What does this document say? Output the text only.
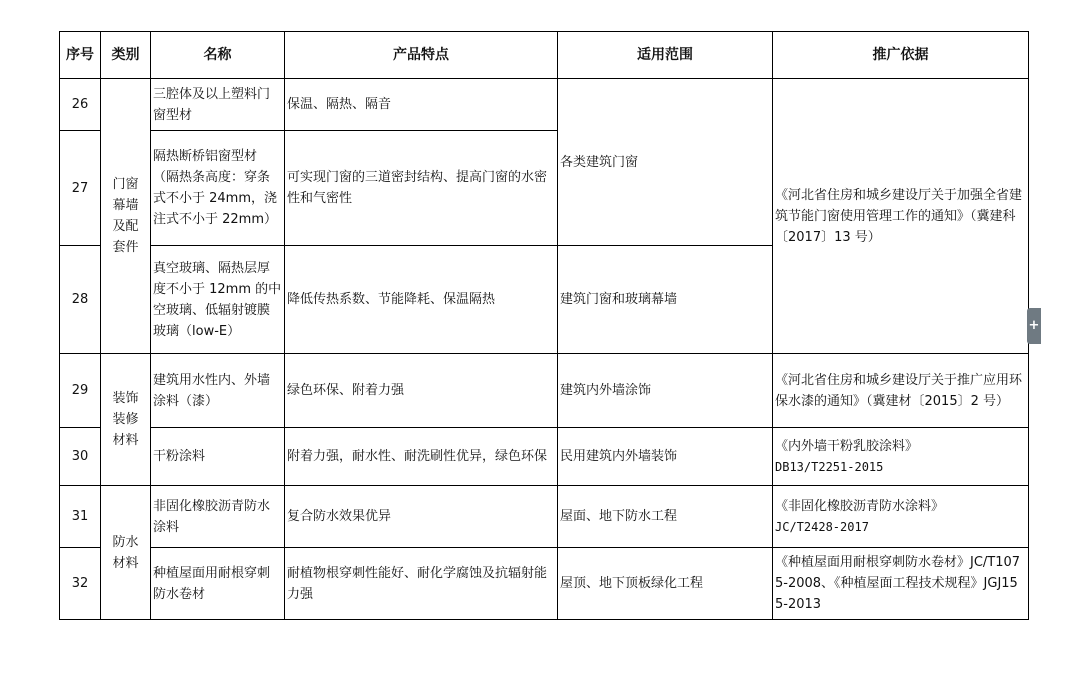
序号	类别	名称	产品特点	适用范围	推广依据
26	门窗幕墙及配套件	三腔体及以上塑料门窗型材	保温、隔热、隔音	各类建筑门窗	《河北省住房和城乡建设厅关于加强全省建筑节能门窗使用管理工作的通知》（冀建科〔2017〕13 号）
27		隔热断桥铝窗型材（隔热条高度：穿条式不小于 24mm，浇注式不小于 22mm）	可实现门窗的三道密封结构、提高门窗的水密性和气密性		
28		真空玻璃、隔热层厚度不小于 12mm 的中空玻璃、低辐射镀膜玻璃（low-E）	降低传热系数、节能降耗、保温隔热	建筑门窗和玻璃幕墙	
29	装饰装修材料	建筑用水性内、外墙涂料（漆）	绿色环保、附着力强	建筑内外墙涂饰	《河北省住房和城乡建设厅关于推广应用环保水漆的通知》（冀建材〔2015〕2 号）
30		干粉涂料	附着力强，耐水性、耐洗刷性优异，绿色环保	民用建筑内外墙装饰	《内外墙干粉乳胶涂料》
DB13/T2251-2015

31	防水材料	非固化橡胶沥青防水涂料	复合防水效果优异	屋面、地下防水工程	《非固化橡胶沥青防水涂料》
JC/T2428-2017

32		种植屋面用耐根穿刺防水卷材	耐植物根穿刺性能好、耐化学腐蚀及抗辐射能力强	屋顶、地下顶板绿化工程	《种植屋面用耐根穿刺防水卷材》JC/T1075-2008、《种植屋面工程技术规程》JGJ155-2013
+
